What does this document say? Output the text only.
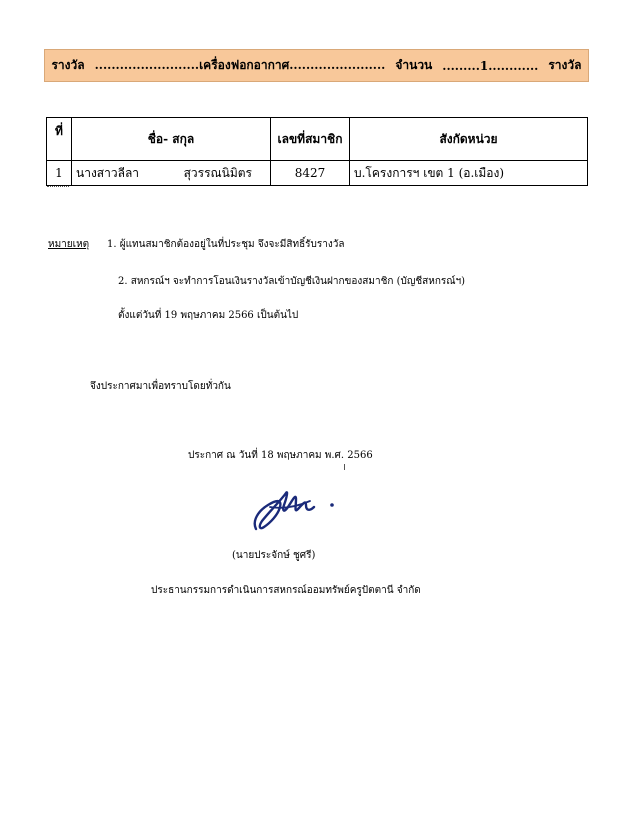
รางวัล .........................เครื่องฟอกอากาศ....................... จำนวน .........1............ รางวัล
ที่	ชื่อ- สกุล	เลขที่สมาชิก	สังกัดหน่วย
1	นางสาวลีลา สุวรรณนิมิตร	8427	บ.โครงการฯ เขต 1 (อ.เมือง)
หมายเหตุ 1. ผู้แทนสมาชิกต้องอยู่ในที่ประชุม จึงจะมีสิทธิ์รับรางวัล
2. สหกรณ์ฯ จะทำการโอนเงินรางวัลเข้าบัญชีเงินฝากของสมาชิก (บัญชีสหกรณ์ฯ)
ตั้งแต่วันที่ 19 พฤษภาคม 2566 เป็นต้นไป
จึงประกาศมาเพื่อทราบโดยทั่วกัน
ประกาศ ณ วันที่ 18 พฤษภาคม พ.ศ. 2566
(นายประจักษ์ ชูศรี)
ประธานกรรมการดำเนินการสหกรณ์ออมทรัพย์ครูปัตตานี จำกัด
